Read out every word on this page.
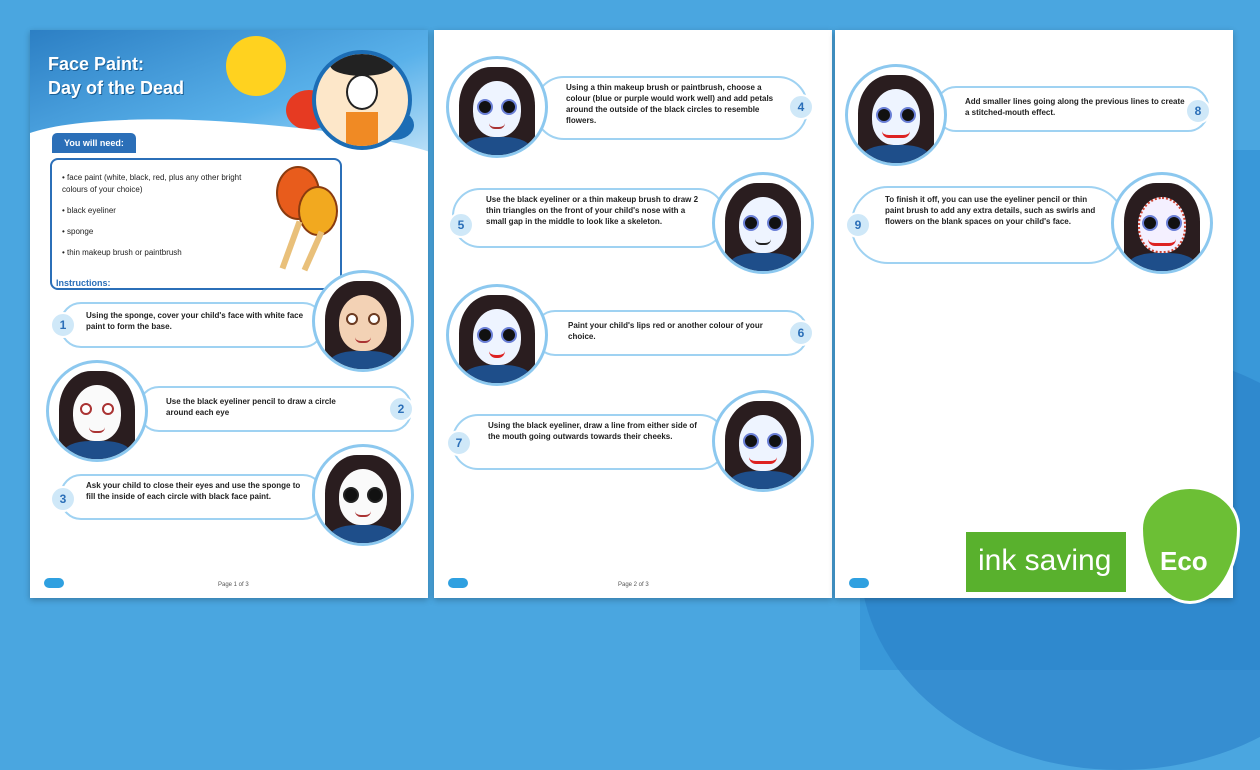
Face Paint:
Day of the Dead
You will need:
• face paint (white, black, red, plus any other bright colours of your choice)
• black eyeliner
• sponge
• thin makeup brush or paintbrush
Instructions:
Using the sponge, cover your child's face with white face paint to form the base.
1
Use the black eyeliner pencil to draw a circle around each eye	2
Ask your child to close their eyes and use the sponge to fill the inside of each circle with black face paint.
3
Page 1 of 3
Using a thin makeup brush or paintbrush, choose a colour (blue or purple would work well) and add petals around the outside of the black circles to resemble flowers.
4
Use the black eyeliner or a thin makeup brush to draw 2 thin triangles on the front of your child's nose with a small gap in the middle to look like a skeleton.
5
Paint your child's lips red or another colour of your choice.	6
Using the black eyeliner, draw a line from either side of the mouth going outwards towards their cheeks.
7
Page 2 of 3
Add smaller lines going along the previous lines to create a stitched-mouth effect.	8
To finish it off, you can use the eyeliner pencil or thin paint brush to add any extra details, such as swirls and flowers on the blank spaces on your child's face.
9
ink saving Eco
